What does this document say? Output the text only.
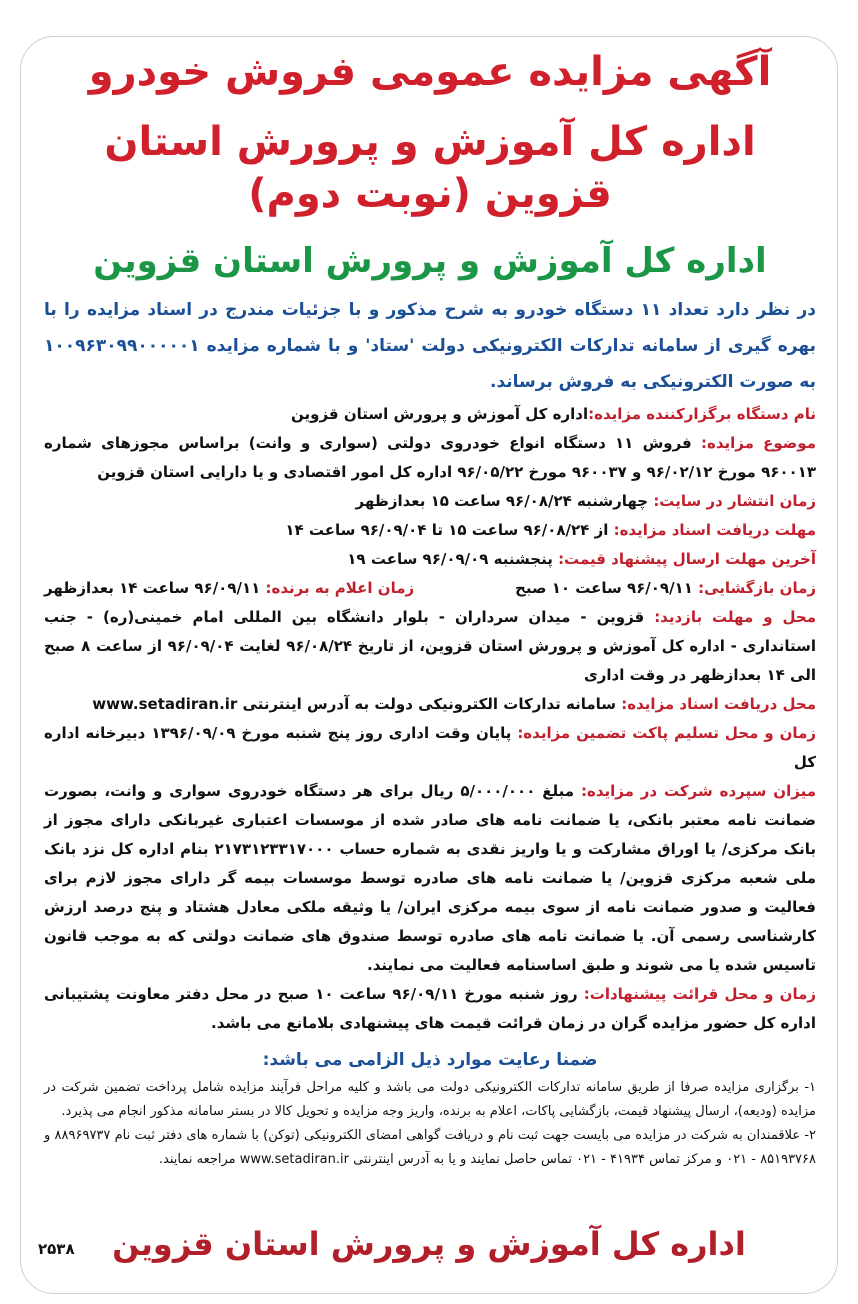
آگهی مزایده عمومی فروش خودرو
اداره کل آموزش و پرورش استان قزوین (نوبت دوم)
اداره کل آموزش و پرورش استان قزوین
در نظر دارد تعداد ۱۱ دستگاه خودرو به شرح مذکور و با جزئیات مندرج در اسناد مزایده را با بهره گیری از سامانه تدارکات الکترونیکی دولت 'ستاد' و با شماره مزایده ۱۰۰۹۶۳۰۹۹۰۰۰۰۰۱ به صورت الکترونیکی به فروش برساند.
نام دستگاه برگزارکننده مزایده:اداره کل آموزش و پرورش استان قزوین
موضوع مزایده: فروش ۱۱ دستگاه انواع خودروی دولتی (سواری و وانت) براساس مجوزهای شماره ۹۶۰۰۱۳ مورخ ۹۶/۰۲/۱۲ و ۹۶۰۰۳۷ مورخ ۹۶/۰۵/۲۲ اداره کل امور اقتصادی و یا دارایی استان قزوین
زمان انتشار در سایت: چهارشنبه ۹۶/۰۸/۲۴ ساعت ۱۵ بعدازظهر
مهلت دریافت اسناد مزایده: از ۹۶/۰۸/۲۴ ساعت ۱۵ تا ۹۶/۰۹/۰۴ ساعت ۱۴
آخرین مهلت ارسال پیشنهاد قیمت: پنجشنبه ۹۶/۰۹/۰۹ ساعت ۱۹
زمان بازگشایی: ۹۶/۰۹/۱۱ ساعت ۱۰ صبح
زمان اعلام به برنده: ۹۶/۰۹/۱۱ ساعت ۱۴ بعدازظهر
محل و مهلت بازدید: قزوین - میدان سرداران - بلوار دانشگاه بین المللی امام خمینی(ره) - جنب استانداری - اداره کل آموزش و پرورش استان قزوین، از تاریخ ۹۶/۰۸/۲۴ لغایت ۹۶/۰۹/۰۴ از ساعت ۸ صبح الی ۱۴ بعدازظهر در وقت اداری
محل دریافت اسناد مزایده: سامانه تدارکات الکترونیکی دولت به آدرس اینترنتی www.setadiran.ir
زمان و محل تسلیم پاکت تضمین مزایده: پایان وقت اداری روز پنج شنبه مورخ ۱۳۹۶/۰۹/۰۹ دبیرخانه اداره کل
میزان سپرده شرکت در مزایده: مبلغ ۵/۰۰۰/۰۰۰ ریال برای هر دستگاه خودروی سواری و وانت، بصورت ضمانت نامه معتبر بانکی، یا ضمانت نامه های صادر شده از موسسات اعتباری غیربانکی دارای مجوز از بانک مرکزی/ یا اوراق مشارکت و یا واریز نقدی به شماره حساب ۲۱۷۳۱۲۳۳۱۷۰۰۰ بنام اداره کل نزد بانک ملی شعبه مرکزی قزوین/ یا ضمانت نامه های صادره توسط موسسات بیمه گر دارای مجوز لازم برای فعالیت و صدور ضمانت نامه از سوی بیمه مرکزی ایران/ یا وثیقه ملکی معادل هشتاد و پنج درصد ارزش کارشناسی رسمی آن. یا ضمانت نامه های صادره توسط صندوق های ضمانت دولتی که به موجب قانون تاسیس شده یا می شوند و طبق اساسنامه فعالیت می نمایند.
زمان و محل قرائت پیشنهادات: روز شنبه مورخ ۹۶/۰۹/۱۱ ساعت ۱۰ صبح در محل دفتر معاونت پشتیبانی اداره کل حضور مزایده گران در زمان قرائت قیمت های پیشنهادی بلامانع می باشد.
ضمنا رعایت موارد ذیل الزامی می باشد:
۱- برگزاری مزایده صرفا از طریق سامانه تدارکات الکترونیکی دولت می باشد و کلیه مراحل فرآیند مزایده شامل پرداخت تضمین شرکت در مزایده (ودیعه)، ارسال پیشنهاد قیمت، بازگشایی پاکات، اعلام به برنده، واریز وجه مزایده و تحویل کالا در بستر سامانه مذکور انجام می پذیرد.
۲- علاقمندان به شرکت در مزایده می بایست جهت ثبت نام و دریافت گواهی امضای الکترونیکی (توکن) با شماره های دفتر ثبت نام ۸۸۹۶۹۷۳۷ و ۸۵۱۹۳۷۶۸ - ۰۲۱ و مرکز تماس ۴۱۹۳۴ - ۰۲۱ تماس حاصل نمایند و یا به آدرس اینترنتی www.setadiran.ir مراجعه نمایند.
اداره کل آموزش و پرورش استان قزوین
۲۵۳۸
